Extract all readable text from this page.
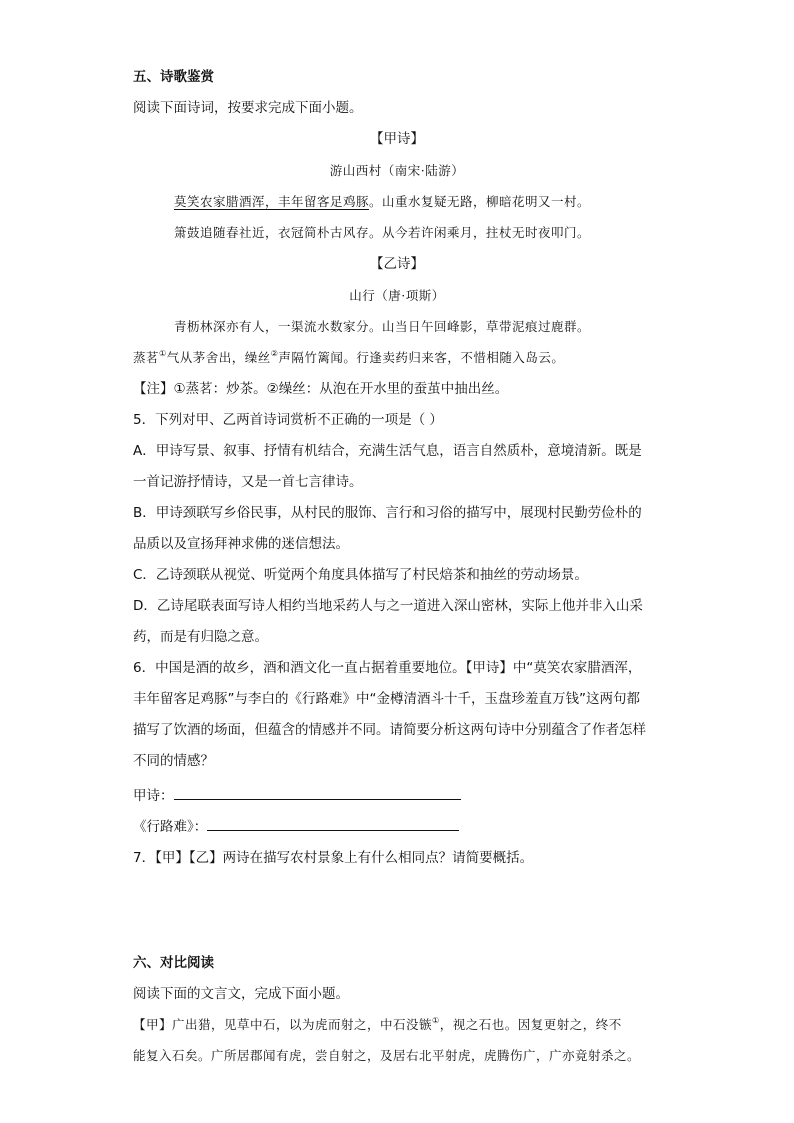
五、诗歌鉴赏
阅读下面诗词，按要求完成下面小题。
【甲诗】
游山西村（南宋·陆游）
莫笑农家腊酒浑，丰年留客足鸡豚。山重水复疑无路，柳暗花明又一村。
箫鼓追随春社近，衣冠简朴古风存。从今若许闲乘月，拄杖无时夜叩门。
【乙诗】
山行（唐·项斯）
青枥林深亦有人，一渠流水数家分。山当日午回峰影，草带泥痕过鹿群。
蒸茗①气从茅舍出，缲丝②声隔竹篱闻。行逢卖药归来客，不惜相随入岛云。
【注】①蒸茗：炒茶。②缲丝：从泡在开水里的蚕茧中抽出丝。
5．下列对甲、乙两首诗词赏析不正确的一项是（ ）
A．甲诗写景、叙事、抒情有机结合，充满生活气息，语言自然质朴，意境清新。既是
一首记游抒情诗，又是一首七言律诗。
B．甲诗颈联写乡俗民事，从村民的服饰、言行和习俗的描写中，展现村民勤劳俭朴的
品质以及宣扬拜神求佛的迷信想法。
C．乙诗颈联从视觉、听觉两个角度具体描写了村民焙茶和抽丝的劳动场景。
D．乙诗尾联表面写诗人相约当地采药人与之一道进入深山密林，实际上他并非入山采
药，而是有归隐之意。
6．中国是酒的故乡，酒和酒文化一直占据着重要地位。【甲诗】中“莫笑农家腊酒浑，
丰年留客足鸡豚”与李白的《行路难》中“金樽清酒斗十千，玉盘珍羞直万钱”这两句都
描写了饮酒的场面，但蕴含的情感并不同。请简要分析这两句诗中分别蕴含了作者怎样
不同的情感？
甲诗：
《行路难》：
7．【甲】【乙】两诗在描写农村景象上有什么相同点？请简要概括。
六、对比阅读
阅读下面的文言文，完成下面小题。
【甲】广出猎，见草中石，以为虎而射之，中石没镞①，视之石也。因复更射之，终不
能复入石矣。广所居郡闻有虎，尝自射之，及居右北平射虎，虎腾伤广，广亦竟射杀之。
